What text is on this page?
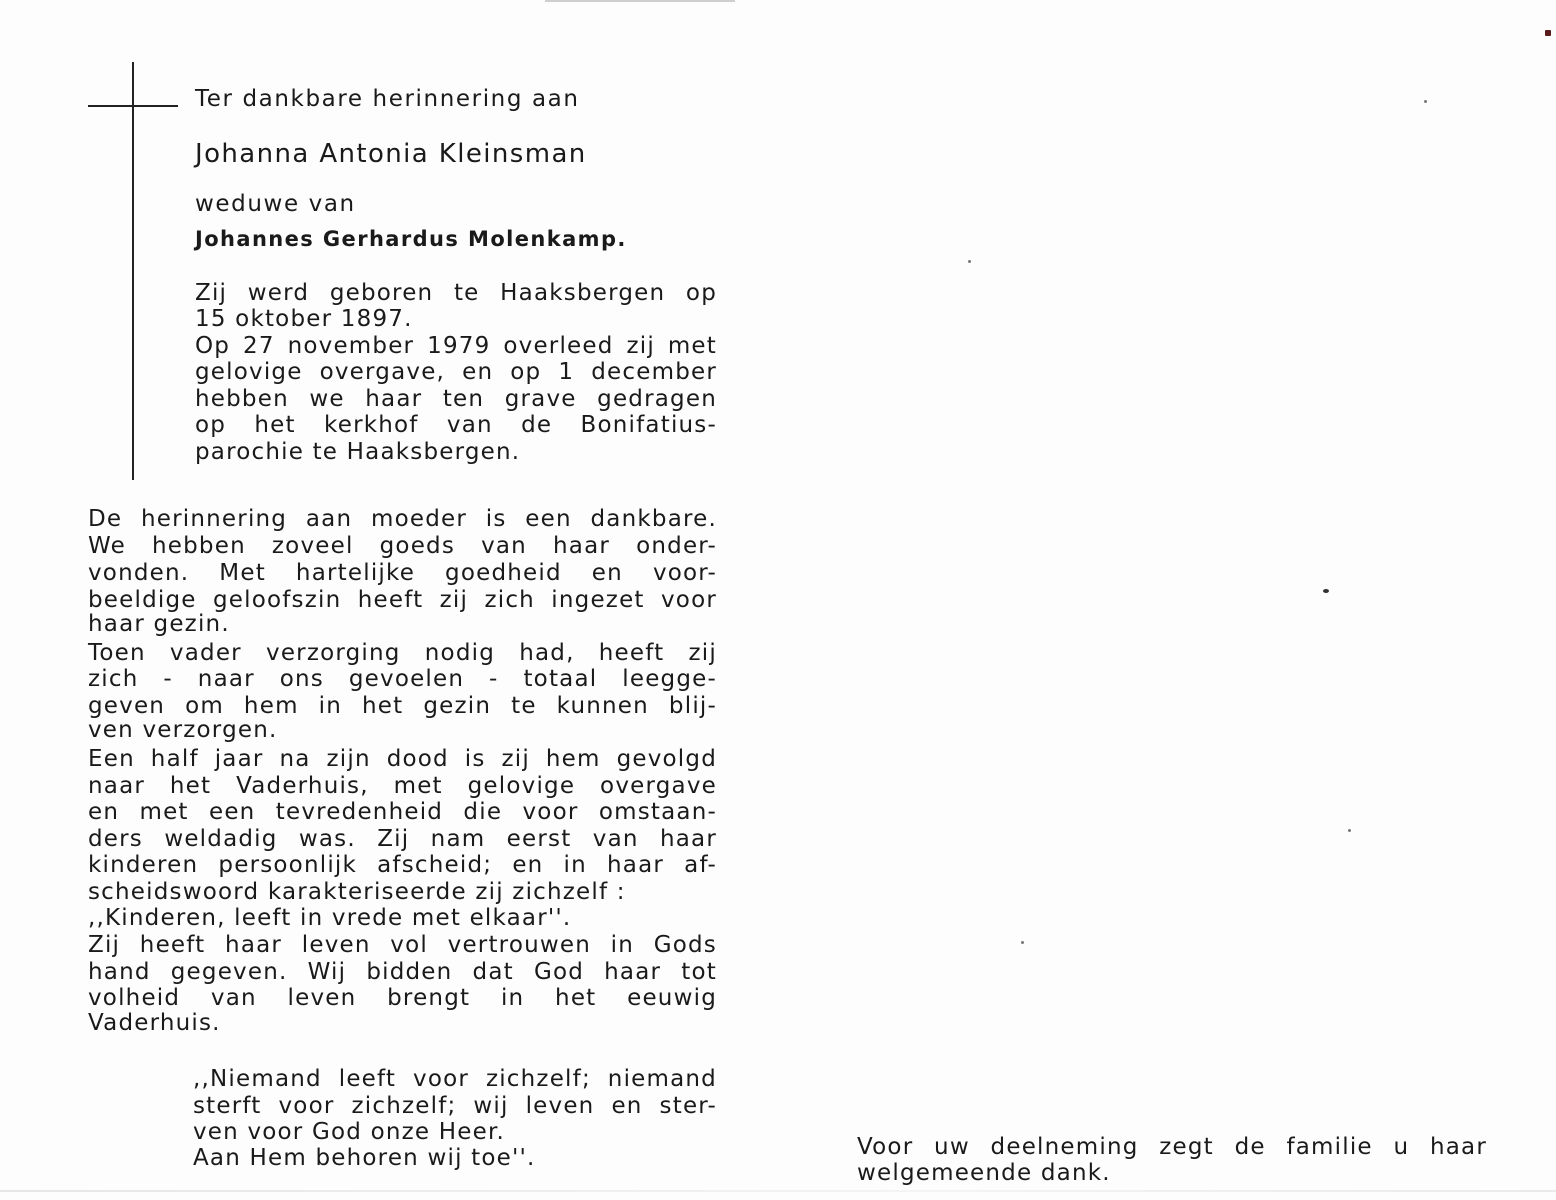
Ter dankbare herinnering aan
Johanna Antonia Kleinsman
weduwe van
Johannes Gerhardus Molenkamp.
Zij werd geboren te Haaksbergen op
15 oktober 1897.
Op 27 november 1979 overleed zij met
gelovige overgave, en op 1 december
hebben we haar ten grave gedragen
op het kerkhof van de Bonifatius-
parochie te Haaksbergen.
De herinnering aan moeder is een dankbare.
We hebben zoveel goeds van haar onder-
vonden. Met hartelijke goedheid en voor-
beeldige geloofszin heeft zij zich ingezet voor
haar gezin.
Toen vader verzorging nodig had, heeft zij
zich - naar ons gevoelen - totaal leegge-
geven om hem in het gezin te kunnen blij-
ven verzorgen.
Een half jaar na zijn dood is zij hem gevolgd
naar het Vaderhuis, met gelovige overgave
en met een tevredenheid die voor omstaan-
ders weldadig was. Zij nam eerst van haar
kinderen persoonlijk afscheid; en in haar af-
scheidswoord karakteriseerde zij zichzelf :
,,Kinderen, leeft in vrede met elkaar''.
Zij heeft haar leven vol vertrouwen in Gods
hand gegeven. Wij bidden dat God haar tot
volheid van leven brengt in het eeuwig
Vaderhuis.
,,Niemand leeft voor zichzelf; niemand
sterft voor zichzelf; wij leven en ster-
ven voor God onze Heer.
Aan Hem behoren wij toe''.	Voor uw deelneming zegt de familie u haar
welgemeende dank.
